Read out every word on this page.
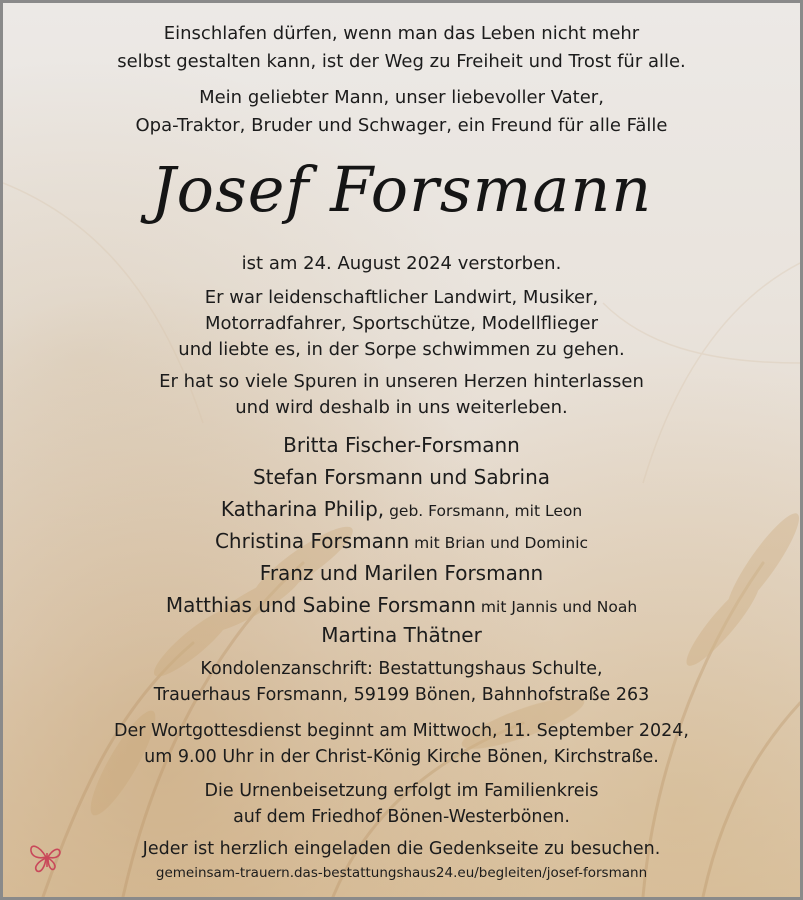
Einschlafen dürfen, wenn man das Leben nicht mehr
selbst gestalten kann, ist der Weg zu Freiheit und Trost für alle.
Mein geliebter Mann, unser liebevoller Vater,
Opa-Traktor, Bruder und Schwager, ein Freund für alle Fälle
Josef Forsmann
ist am 24. August 2024 verstorben.
Er war leidenschaftlicher Landwirt, Musiker,
Motorradfahrer, Sportschütze, Modellflieger
und liebte es, in der Sorpe schwimmen zu gehen.
Er hat so viele Spuren in unseren Herzen hinterlassen
und wird deshalb in uns weiterleben.
Britta Fischer-Forsmann
Stefan Forsmann und Sabrina
Katharina Philip, geb. Forsmann, mit Leon
Christina Forsmann mit Brian und Dominic
Franz und Marilen Forsmann
Matthias und Sabine Forsmann mit Jannis und Noah
Martina Thätner
Kondolenzanschrift: Bestattungshaus Schulte,
Trauerhaus Forsmann, 59199 Bönen, Bahnhofstraße 263
Der Wortgottesdienst beginnt am Mittwoch, 11. September 2024,
um 9.00 Uhr in der Christ-König Kirche Bönen, Kirchstraße.
Die Urnenbeisetzung erfolgt im Familienkreis
auf dem Friedhof Bönen-Westerbönen.
Jeder ist herzlich eingeladen die Gedenkseite zu besuchen.
gemeinsam-trauern.das-bestattungshaus24.eu/begleiten/josef-forsmann
